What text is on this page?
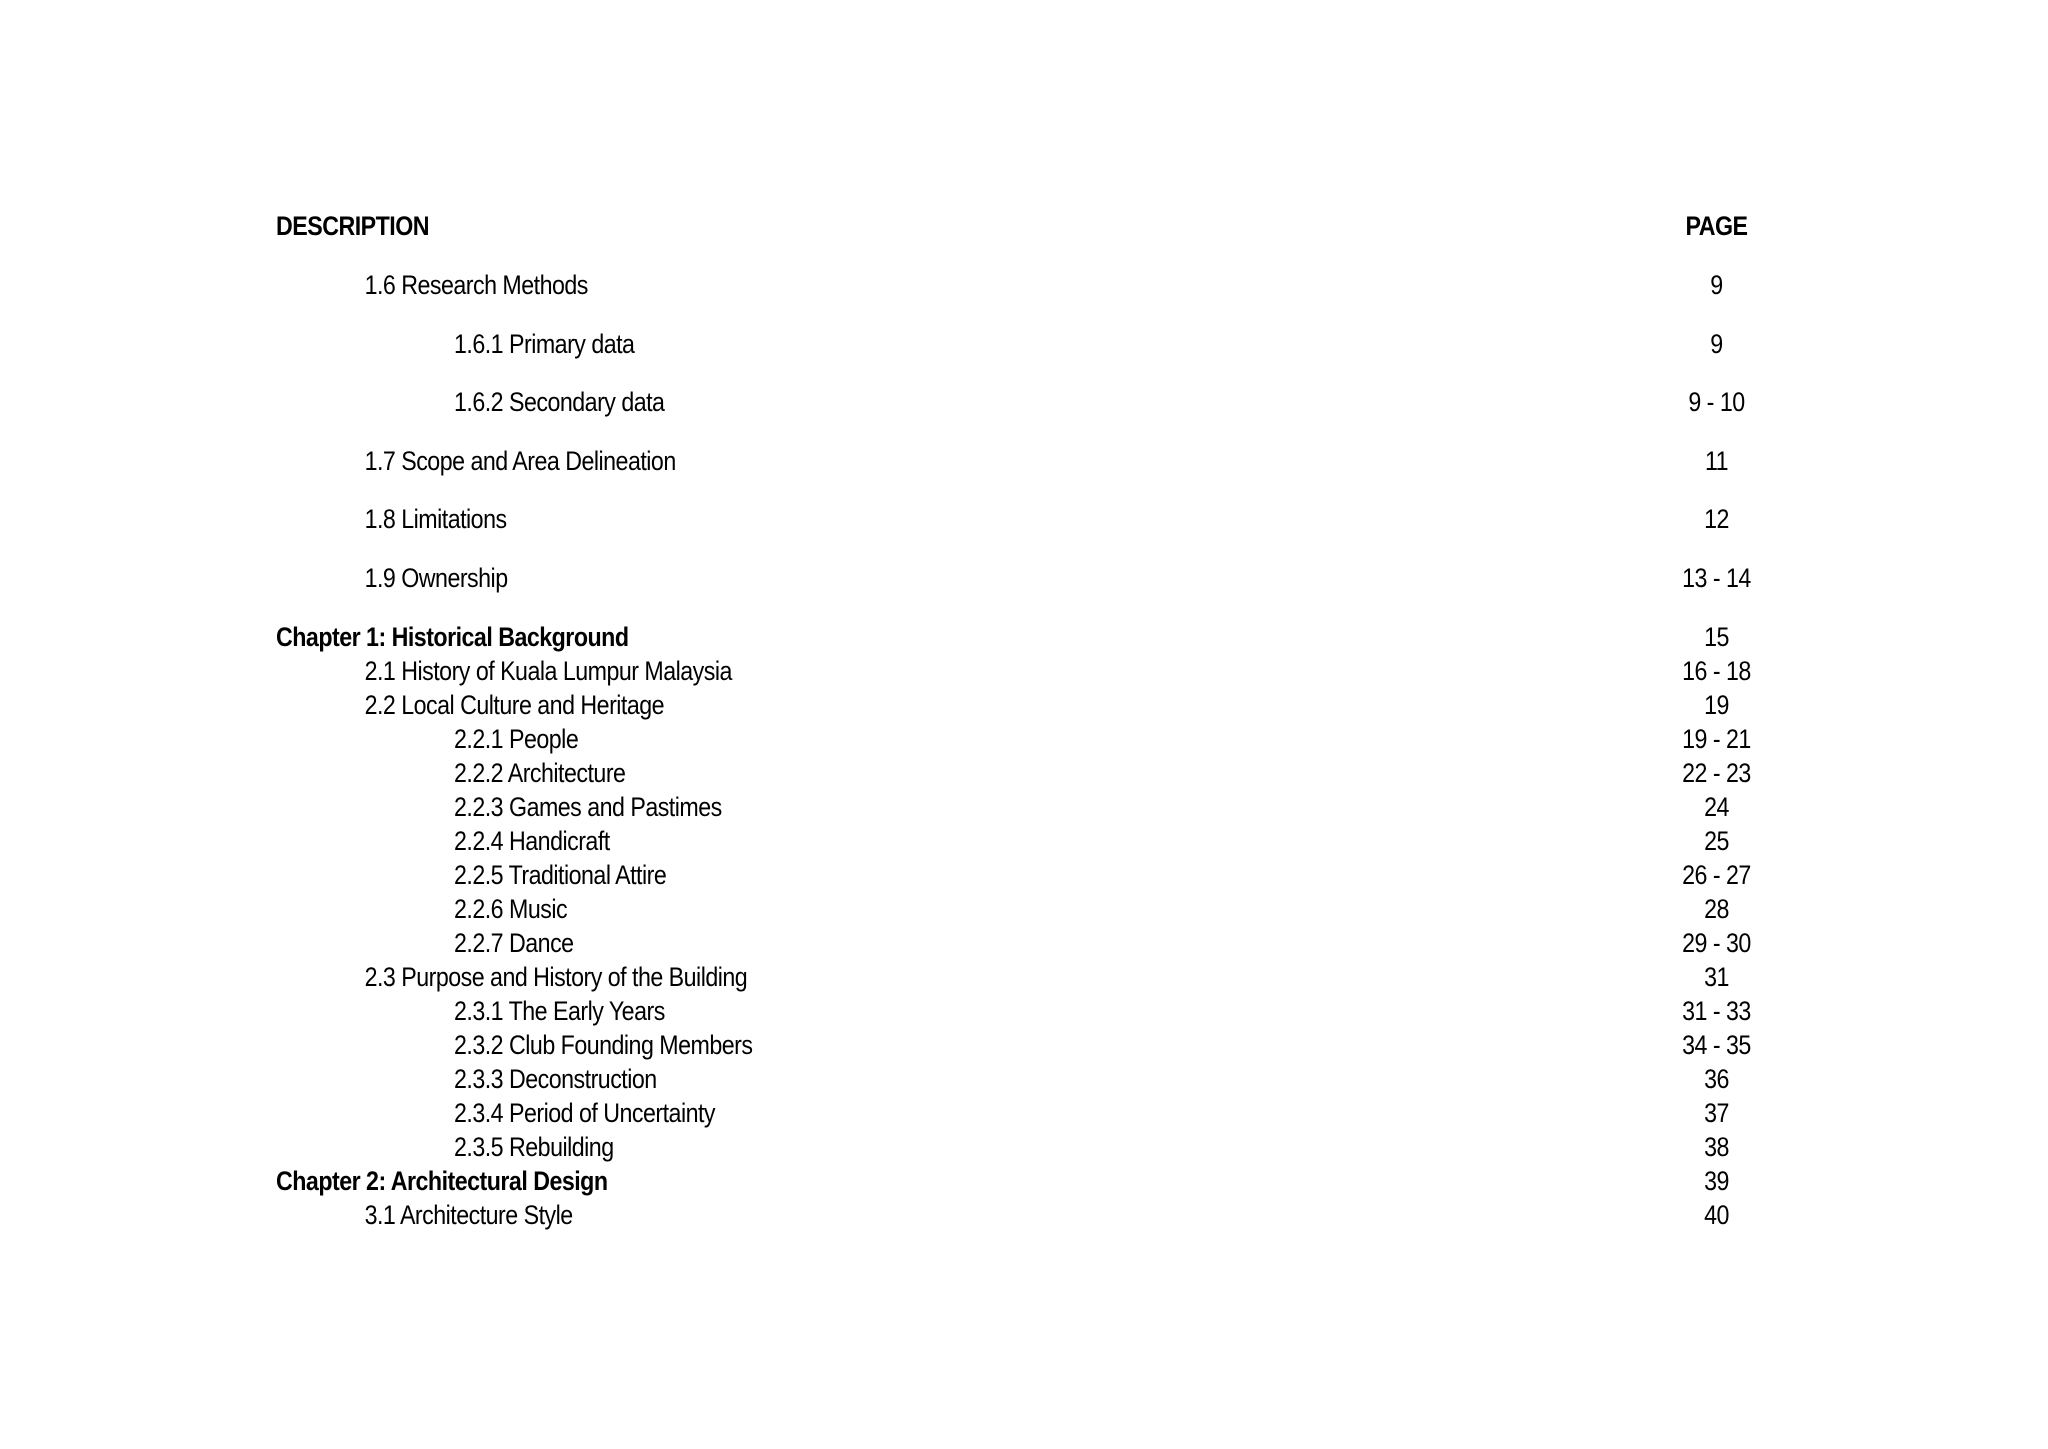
DESCRIPTION	PAGE
1.6 Research Methods	9
1.6.1 Primary data	9
1.6.2 Secondary data	9 - 10
1.7 Scope and Area Delineation	11
1.8 Limitations	12
1.9 Ownership	13 - 14
Chapter 1: Historical Background	15
2.1 History of Kuala Lumpur Malaysia	16 - 18
2.2 Local Culture and Heritage	19
2.2.1 People	19 - 21
2.2.2 Architecture	22 - 23
2.2.3 Games and Pastimes	24
2.2.4 Handicraft	25
2.2.5 Traditional Attire	26 - 27
2.2.6 Music	28
2.2.7 Dance	29 - 30
2.3 Purpose and History of the Building	31
2.3.1 The Early Years	31 - 33
2.3.2 Club Founding Members	34 - 35
2.3.3 Deconstruction	36
2.3.4 Period of Uncertainty	37
2.3.5 Rebuilding	38
Chapter 2: Architectural Design	39
3.1 Architecture Style	40
